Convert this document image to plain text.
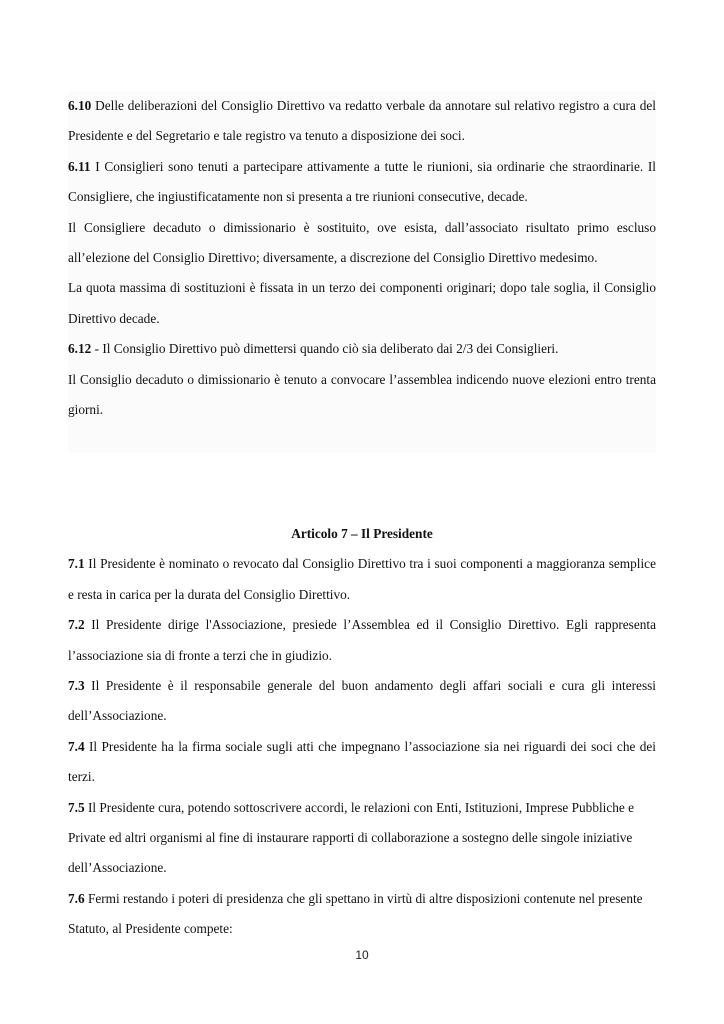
6.10 Delle deliberazioni del Consiglio Direttivo va redatto verbale da annotare sul relativo registro a cura del Presidente e del Segretario e tale registro va tenuto a disposizione dei soci.

6.11 I Consiglieri sono tenuti a partecipare attivamente a tutte le riunioni, sia ordinarie che straordinarie. Il Consigliere, che ingiustificatamente non si presenta a tre riunioni consecutive, decade.

Il Consigliere decaduto o dimissionario è sostituito, ove esista, dall’associato risultato primo escluso all’elezione del Consiglio Direttivo; diversamente, a discrezione del Consiglio Direttivo medesimo.

La quota massima di sostituzioni è fissata in un terzo dei componenti originari; dopo tale soglia, il Consiglio Direttivo decade.

6.12 - Il Consiglio Direttivo può dimettersi quando ciò sia deliberato dai 2/3 dei Consiglieri.

Il Consiglio decaduto o dimissionario è tenuto a convocare l’assemblea indicendo nuove elezioni entro trenta giorni.

Articolo 7 – Il Presidente

7.1 Il Presidente è nominato o revocato dal Consiglio Direttivo tra i suoi componenti a maggioranza semplice e resta in carica per la durata del Consiglio Direttivo.

7.2 Il Presidente dirige l'Associazione, presiede l’Assemblea ed il Consiglio Direttivo. Egli rappresenta l’associazione sia di fronte a terzi che in giudizio.

7.3 Il Presidente è il responsabile generale del buon andamento degli affari sociali e cura gli interessi dell’Associazione.

7.4 Il Presidente ha la firma sociale sugli atti che impegnano l’associazione sia nei riguardi dei soci che dei terzi.

7.5 Il Presidente cura, potendo sottoscrivere accordi, le relazioni con Enti, Istituzioni, Imprese Pubbliche e Private ed altri organismi al fine di instaurare rapporti di collaborazione a sostegno delle singole iniziative dell’Associazione.

7.6 Fermi restando i poteri di presidenza che gli spettano in virtù di altre disposizioni contenute nel presente Statuto, al Presidente compete:

10
